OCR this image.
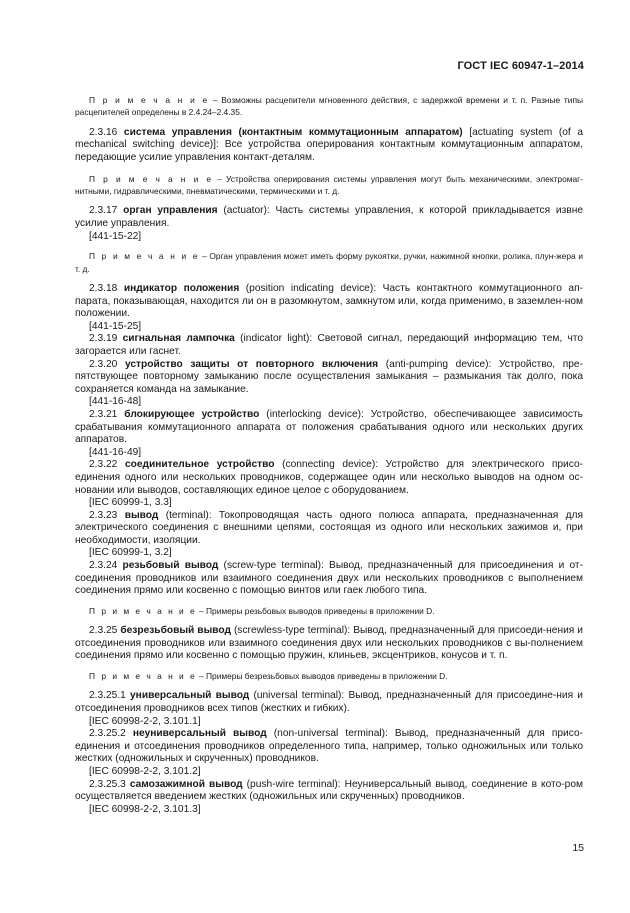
ГОСТ IEC 60947-1–2014

П р и м е ч а н и е – Возможны расцепители мгновенного действия, с задержкой времени и т. п. Разные типы расцепителей определены в 2.4.24–2.4.35.

2.3.16 система управления (контактным коммутационным аппаратом) [actuating system (of a mechanical switching device)]: Все устройства оперирования контактным коммутационным аппаратом, передающие усилие управления контакт-деталям.

П р и м е ч а н и е – Устройства оперирования системы управления могут быть механическими, электромаг-нитными, гидравлическими, пневматическими, термическими и т. д.

2.3.17 орган управления (actuator): Часть системы управления, к которой прикладывается извне усилие управления.

[441-15-22]

П р и м е ч а н и е – Орган управления может иметь форму рукоятки, ручки, нажимной кнопки, ролика, плун-жера и т. д.

2.3.18 индикатор положения (position indicating device): Часть контактного коммутационного ап-парата, показывающая, находится ли он в разомкнутом, замкнутом или, когда применимо, в заземлен-ном положении.

[441-15-25]

2.3.19 сигнальная лампочка (indicator light): Световой сигнал, передающий информацию тем, что загорается или гаснет.

2.3.20 устройство защиты от повторного включения (anti-pumping device): Устройство, пре-пятствующее повторному замыканию после осуществления замыкания – размыкания так долго, пока сохраняется команда на замыкание.

[441-16-48]

2.3.21 блокирующее устройство (interlocking device): Устройство, обеспечивающее зависимость срабатывания коммутационного аппарата от положения срабатывания одного или нескольких других аппаратов.

[441-16-49]

2.3.22 соединительное устройство (connecting device): Устройство для электрического присо-единения одного или нескольких проводников, содержащее один или несколько выводов на одном ос-новании или выводов, составляющих единое целое с оборудованием.

[IEC 60999-1, 3.3]

2.3.23 вывод (terminal): Токопроводящая часть одного полюса аппарата, предназначенная для электрического соединения с внешними цепями, состоящая из одного или нескольких зажимов и, при необходимости, изоляции.

[IEC 60999-1, 3.2]

2.3.24 резьбовый вывод (screw-type terminal): Вывод, предназначенный для присоединения и от-соединения проводников или взаимного соединения двух или нескольких проводников с выполнением соединения прямо или косвенно с помощью винтов или гаек любого типа.

П р и м е ч а н и е – Примеры резьбовых выводов приведены в приложении D.

2.3.25 безрезьбовый вывод (screwless-type terminal): Вывод, предназначенный для присоеди-нения и отсоединения проводников или взаимного соединения двух или нескольких проводников с вы-полнением соединения прямо или косвенно с помощью пружин, клиньев, эксцентриков, конусов и т. п.

П р и м е ч а н и е – Примеры безрезьбовых выводов приведены в приложении D.

2.3.25.1 универсальный вывод (universal terminal): Вывод, предназначенный для присоедине-ния и отсоединения проводников всех типов (жестких и гибких).

[IEC 60998-2-2, 3.101.1]

2.3.25.2 неуниверсальный вывод (non-universal terminal): Вывод, предназначенный для присо-единения и отсоединения проводников определенного типа, например, только одножильных или только жестких (одножильных и скрученных) проводников.

[IEC 60998-2-2, 3.101.2]

2.3.25.3 самозажимной вывод (push-wire terminal): Неуниверсальный вывод, соединение в кото-ром осуществляется введением жестких (одножильных или скрученных) проводников.

[IEC 60998-2-2, 3.101.3]

15
